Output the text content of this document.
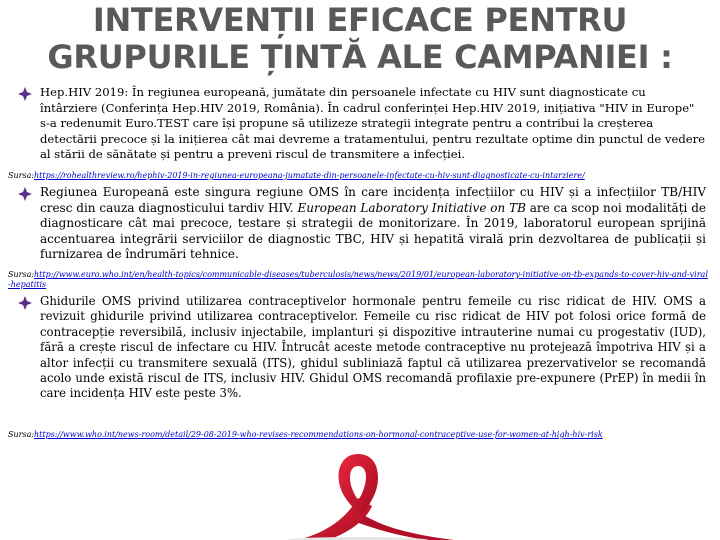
INTERVENȚII EFICACE PENTRU
GRUPURILE ȚINTĂ ALE CAMPANIEI :
Hep.HIV 2019: În regiunea europeană, jumătate din persoanele infectate cu HIV sunt diagnosticate cu întârziere (Conferința Hep.HIV 2019, România). În cadrul conferinței Hep.HIV 2019, inițiativa "HIV in Europe" s-a redenumit Euro.TEST care își propune să utilizeze strategii integrate pentru a contribui la creșterea detectării precoce și la inițierea cât mai devreme a tratamentului, pentru rezultate optime din punctul de vedere al stării de sănătate și pentru a preveni riscul de transmitere a infecției.
Sursa:https://rohealthreview.ro/hephiv-2019-in-regiunea-europeana-jumatate-din-persoanele-infectate-cu-hiv-sunt-diagnosticate-cu-intarziere/
Regiunea Europeană este singura regiune OMS în care incidența infecțiilor cu HIV și a infecțiilor TB/HIV cresc din cauza diagnosticului tardiv HIV. European Laboratory Initiative on TB are ca scop noi modalități de diagnosticare cât mai precoce, testare și strategii de monitorizare. În 2019, laboratorul european sprijină accentuarea integrării serviciilor de diagnostic TBC, HIV și hepatită virală prin dezvoltarea de publicații și furnizarea de îndrumări tehnice.
Sursa:http://www.euro.who.int/en/health-topics/communicable-diseases/tuberculosis/news/news/2019/01/european-laboratory-initiative-on-tb-expands-to-cover-hiv-and-viral-hepatitis
Ghidurile OMS privind utilizarea contraceptivelor hormonale pentru femeile cu risc ridicat de HIV. OMS a revizuit ghidurile privind utilizarea contraceptivelor. Femeile cu risc ridicat de HIV pot folosi orice formă de contracepție reversibilă, inclusiv injectabile, implanturi și dispozitive intrauterine numai cu progestativ (IUD), fără a crește riscul de infectare cu HIV. Întrucât aceste metode contraceptive nu protejează împotriva HIV și a altor infecții cu transmitere sexuală (ITS), ghidul subliniază faptul că utilizarea prezervativelor se recomandă acolo unde există riscul de ITS, inclusiv HIV. Ghidul OMS recomandă profilaxie pre-expunere (PrEP) în medii în care incidența HIV este peste 3%.
Sursa:https://www.who.int/news-room/detail/29-08-2019-who-revises-recommendations-on-hormonal-contraceptive-use-for-women-at-high-hiv-risk
